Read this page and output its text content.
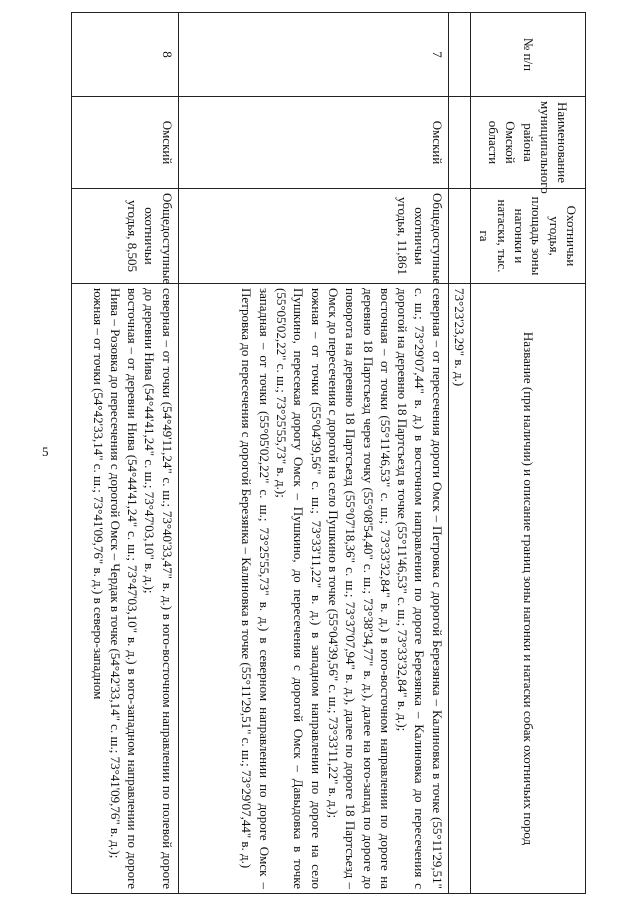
5
№ п/п	Наименование муниципального района Омской области	Охотничьи угодья, площадь зоны нагонки и натаски, тыс. га	Название (при наличии) и описание границ зоны нагонки и натаски собак охотничьих пород
			73°23'23,29" в. д.)
7	Омский	Общедоступные охотничьи угодья, 11,861	северная – от пересечения дороги Омск – Петровка с дорогой Березянка – Калиновка в точке (55°11'29,51" с. ш.; 73°29'07,44" в. д.) в восточном направлении по дороге Березянка – Калиновка до пересечения с дорогой на деревню 18 Партсъезд в точке (55°11'46,53" с. ш.; 73°33'32,84" в. д.);

восточная – от точки (55°11'46,53" с. ш.; 73°33'32,84" в. д.) в юго-восточном направлении по дороге на деревню 18 Партсъезд через точку (55°08'54,40" с. ш.; 73°38'34,77" в. д.), далее на юго-запад по дороге до поворота на деревню 18 Партсъезд (55°07'18,36" с. ш.; 73°37'07,94" в. д.), далее по дороге 18 Партсъезд – Омск до пересечения с дорогой на село Пушкино в точке (55°04'39,56" с. ш.; 73°33'11,22" в. д.);

южная – от точки (55°04'39,56" с. ш.; 73°33'11,22" в. д.) в западном направлении по дороге на село Пушкино, пересекая дорогу Омск – Пушкино, до пересечения с дорогой Омск – Давыдовка в точке (55°05'02,22" с. ш.; 73°25'55,73" в. д.);

западная – от точки (55°05'02,22" с. ш.; 73°25'55,73" в. д.) в северном направлении по дороге Омск – Петровка до пересечения с дорогой Березянка – Калиновка в точке (55°11'29,51" с. ш.; 73°29'07,44" в. д.)

8	Омский	Общедоступные охотничьи угодья, 8,505	северная – от точки (54°49'11,24" с. ш.; 73°40'33,47" в. д.) в юго-восточном направлении по полевой дороге до деревни Нива (54°44'41,24" с. ш.; 73°47'03,10" в. д.);

восточная – от деревни Нива (54°44'41,24" с. ш.; 73°47'03,10" в. д.) в юго-западном направлении по дороге Нива – Розовка до пересечения с дорогой Омск – Чердак в точке (54°42'33,14" с. ш.; 73°41'09,76" в. д.);

южная – от точки (54°42'33,14" с. ш.; 73°41'09,76" в. д.) в северо-западном
